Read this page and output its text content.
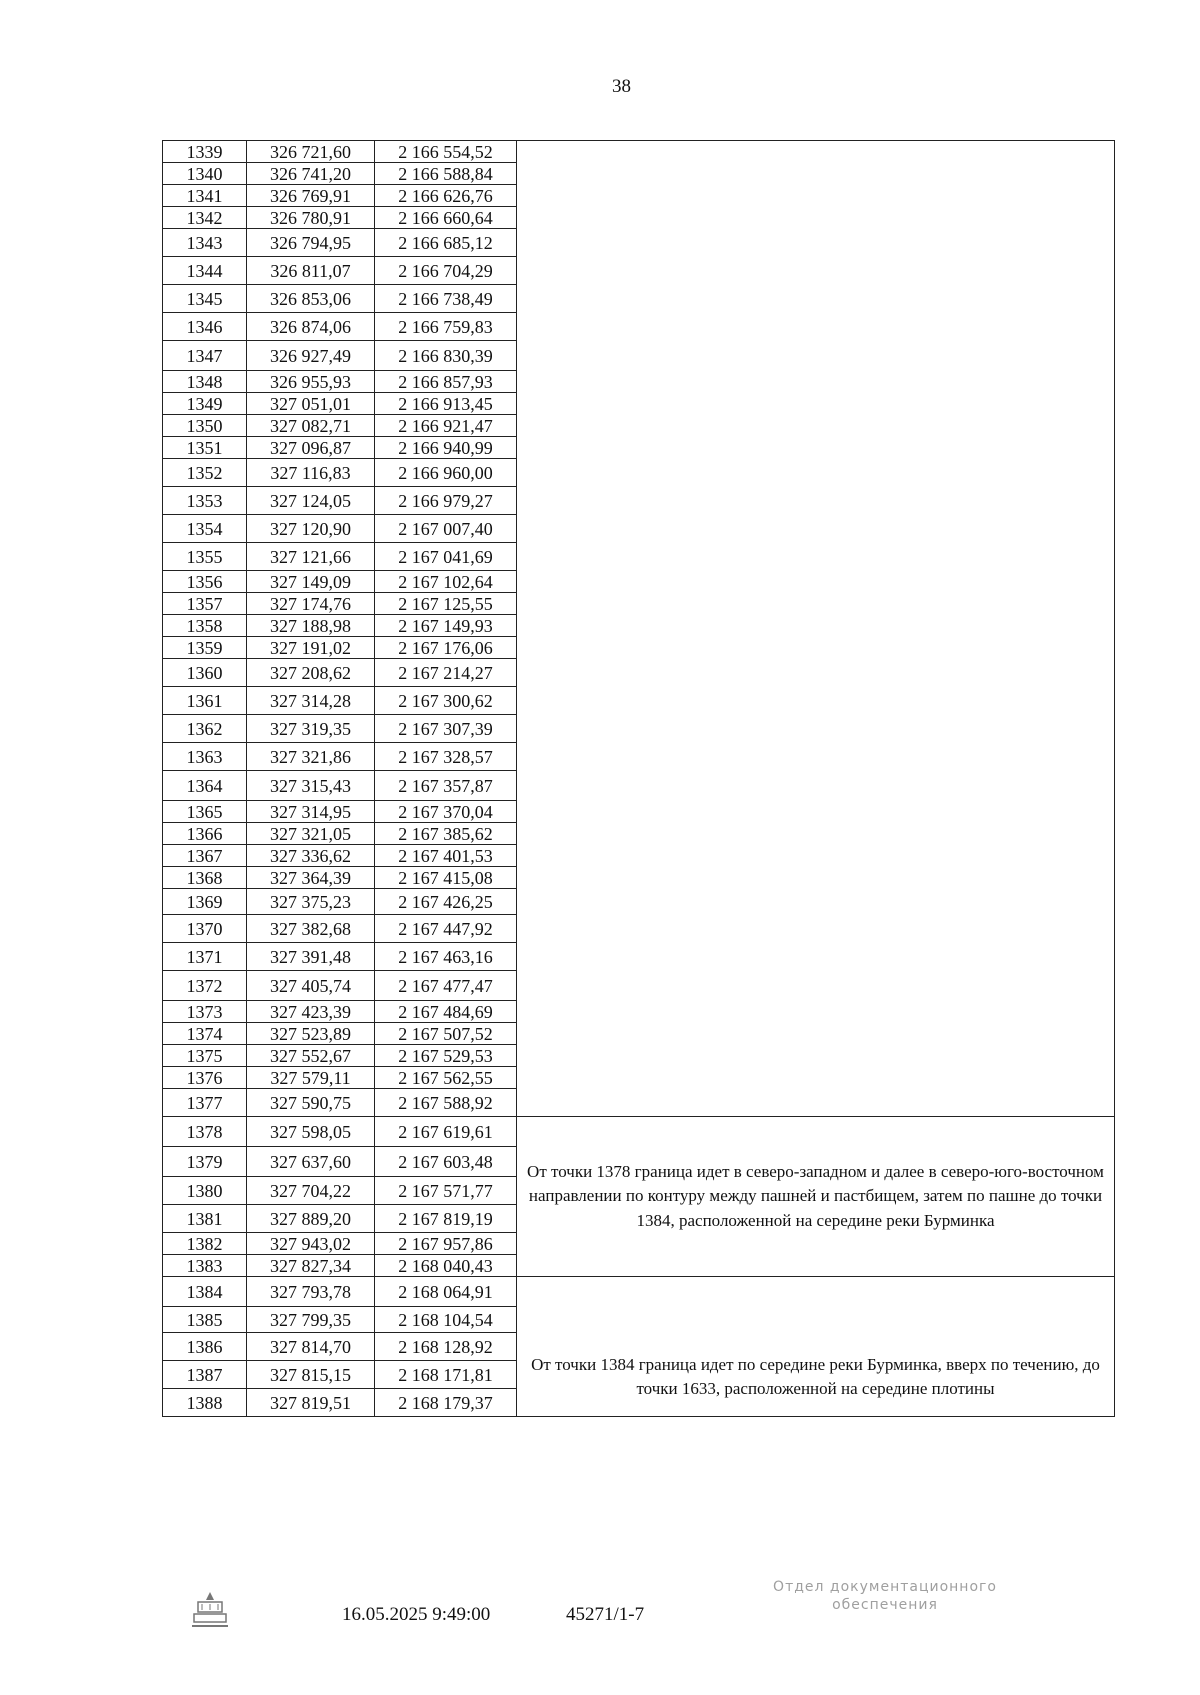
38
1339	326 721,60	2 166 554,52	
1340	326 741,20	2 166 588,84	
1341	326 769,91	2 166 626,76	
1342	326 780,91	2 166 660,64	
1343	326 794,95	2 166 685,12	
1344	326 811,07	2 166 704,29	
1345	326 853,06	2 166 738,49	
1346	326 874,06	2 166 759,83	
1347	326 927,49	2 166 830,39	
1348	326 955,93	2 166 857,93	
1349	327 051,01	2 166 913,45	
1350	327 082,71	2 166 921,47	
1351	327 096,87	2 166 940,99	
1352	327 116,83	2 166 960,00	
1353	327 124,05	2 166 979,27	
1354	327 120,90	2 167 007,40	
1355	327 121,66	2 167 041,69	
1356	327 149,09	2 167 102,64	
1357	327 174,76	2 167 125,55	
1358	327 188,98	2 167 149,93	
1359	327 191,02	2 167 176,06	
1360	327 208,62	2 167 214,27	
1361	327 314,28	2 167 300,62	
1362	327 319,35	2 167 307,39	
1363	327 321,86	2 167 328,57	
1364	327 315,43	2 167 357,87	
1365	327 314,95	2 167 370,04	
1366	327 321,05	2 167 385,62	
1367	327 336,62	2 167 401,53	
1368	327 364,39	2 167 415,08	
1369	327 375,23	2 167 426,25	
1370	327 382,68	2 167 447,92	
1371	327 391,48	2 167 463,16	
1372	327 405,74	2 167 477,47	
1373	327 423,39	2 167 484,69	
1374	327 523,89	2 167 507,52	
1375	327 552,67	2 167 529,53	
1376	327 579,11	2 167 562,55	
1377	327 590,75	2 167 588,92	
1378	327 598,05	2 167 619,61	От точки 1378 граница идет в северо-западном и далее в северо-юго-восточном направлении по контуру между пашней и пастбищем, затем по пашне до точки 1384, расположенной на середине реки Бурминка
1379	327 637,60	2 167 603,48	
1380	327 704,22	2 167 571,77	
1381	327 889,20	2 167 819,19	
1382	327 943,02	2 167 957,86	
1383	327 827,34	2 168 040,43	
1384	327 793,78	2 168 064,91	От точки 1384 граница идет по середине реки Бурминка, вверх по течению, до точки 1633, расположенной на середине плотины
1385	327 799,35	2 168 104,54	
1386	327 814,70	2 168 128,92	
1387	327 815,15	2 168 171,81	
1388	327 819,51	2 168 179,37	
16.05.2025 9:49:00	45271/1-7
Отдел документационного
обеспечения
